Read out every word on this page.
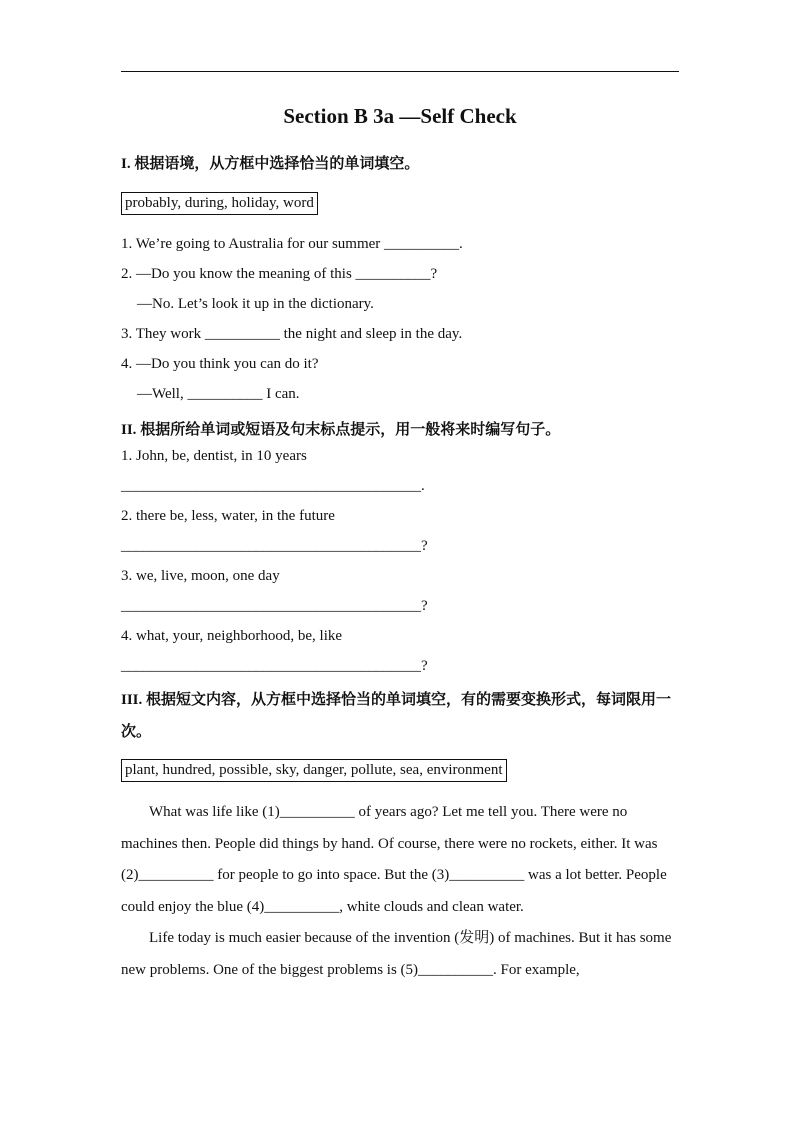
Section B 3a —Self Check
I. 根据语境，从方框中选择恰当的单词填空。
probably, during, holiday, word
1. We’re going to Australia for our summer __________.
2. —Do you know the meaning of this __________?
—No. Let’s look it up in the dictionary.
3. They work __________ the night and sleep in the day.
4. —Do you think you can do it?
—Well, __________ I can.
II. 根据所给单词或短语及句末标点提示，用一般将来时编写句子。
1. John, be, dentist, in 10 years
________________________________________.
2. there be, less, water, in the future
________________________________________?
3. we, live, moon, one day
________________________________________?
4. what, your, neighborhood, be, like
________________________________________?
III. 根据短文内容，从方框中选择恰当的单词填空，有的需要变换形式，每词限用一次。
plant, hundred, possible, sky, danger, pollute, sea, environment
What was life like (1)__________ of years ago? Let me tell you. There were no machines then. People did things by hand. Of course, there were no rockets, either. It was (2)__________ for people to go into space. But the (3)__________ was a lot better. People could enjoy the blue (4)__________, white clouds and clean water.
Life today is much easier because of the invention (发明) of machines. But it has some new problems. One of the biggest problems is (5)__________. For example,
